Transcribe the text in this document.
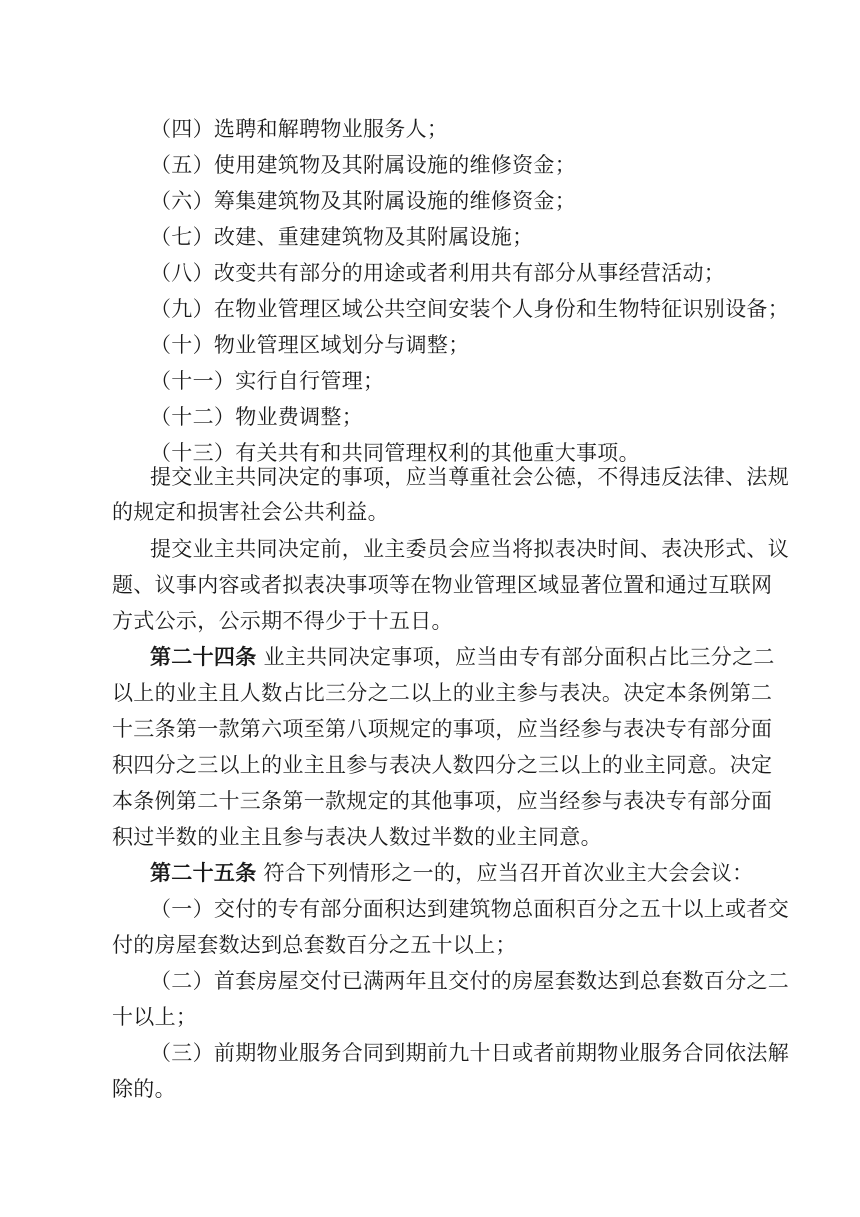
（四）选聘和解聘物业服务人；
（五）使用建筑物及其附属设施的维修资金；
（六）筹集建筑物及其附属设施的维修资金；
（七）改建、重建建筑物及其附属设施；
（八）改变共有部分的用途或者利用共有部分从事经营活动；
（九）在物业管理区域公共空间安装个人身份和生物特征识别设备；
（十）物业管理区域划分与调整；
（十一）实行自行管理；
（十二）物业费调整；
（十三）有关共有和共同管理权利的其他重大事项。
提交业主共同决定的事项，应当尊重社会公德，不得违反法律、法规
的规定和损害社会公共利益。
提交业主共同决定前，业主委员会应当将拟表决时间、表决形式、议
题、议事内容或者拟表决事项等在物业管理区域显著位置和通过互联网
方式公示，公示期不得少于十五日。
第二十四条 业主共同决定事项，应当由专有部分面积占比三分之二
以上的业主且人数占比三分之二以上的业主参与表决。决定本条例第二
十三条第一款第六项至第八项规定的事项，应当经参与表决专有部分面
积四分之三以上的业主且参与表决人数四分之三以上的业主同意。决定
本条例第二十三条第一款规定的其他事项，应当经参与表决专有部分面
积过半数的业主且参与表决人数过半数的业主同意。
第二十五条 符合下列情形之一的，应当召开首次业主大会会议：
（一）交付的专有部分面积达到建筑物总面积百分之五十以上或者交
付的房屋套数达到总套数百分之五十以上；
（二）首套房屋交付已满两年且交付的房屋套数达到总套数百分之二
十以上；
（三）前期物业服务合同到期前九十日或者前期物业服务合同依法解
除的。
